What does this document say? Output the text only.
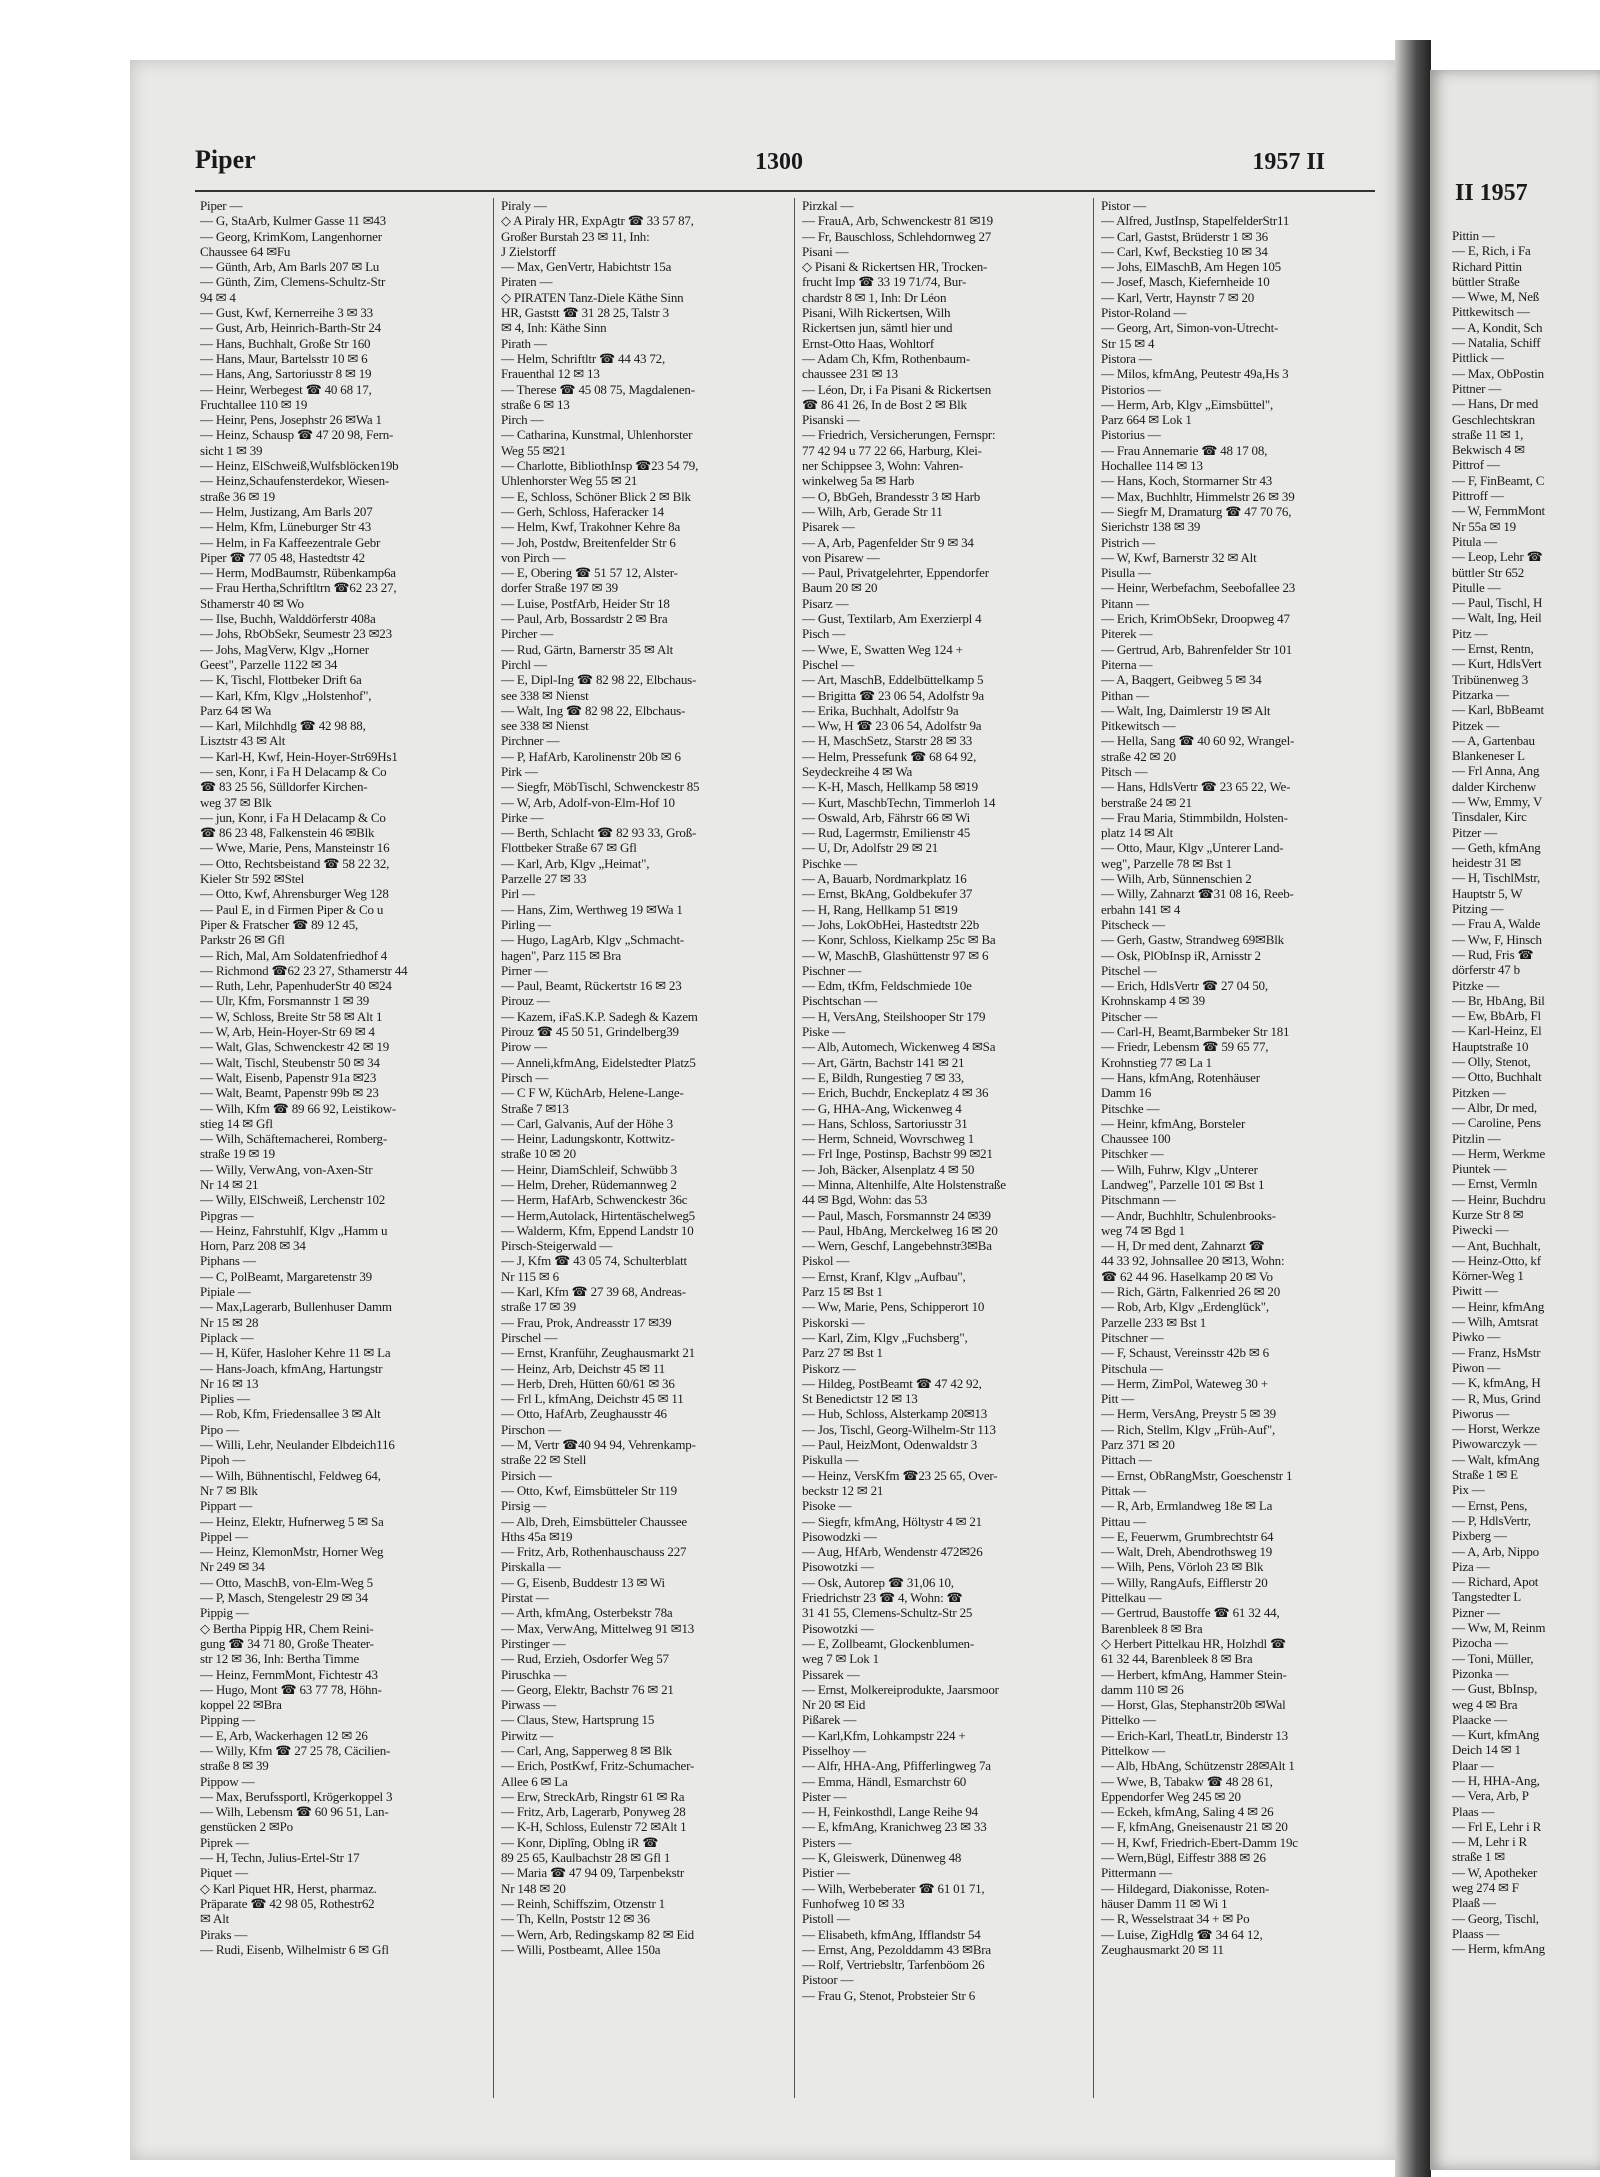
Piper	1300	1957 II
Piper —
— G, StaArb, Kulmer Gasse 11 ✉43
— Georg, KrimKom, Langenhorner
Chaussee 64 ✉Fu
— Günth, Arb, Am Barls 207 ✉ Lu
— Günth, Zim, Clemens-Schultz-Str
94 ✉ 4
— Gust, Kwf, Kernerreihe 3 ✉ 33
— Gust, Arb, Heinrich-Barth-Str 24
— Hans, Buchhalt, Große Str 160
— Hans, Maur, Bartelsstr 10 ✉ 6
— Hans, Ang, Sartoriusstr 8 ✉ 19
— Heinr, Werbegest ☎ 40 68 17,
Fruchtallee 110 ✉ 19
— Heinr, Pens, Josephstr 26 ✉Wa 1
— Heinz, Schausp ☎ 47 20 98, Fern-
sicht 1 ✉ 39
— Heinz, ElSchweiß,Wulfsblöcken19b
— Heinz,Schaufensterdekor, Wiesen-
straße 36 ✉ 19
— Helm, Justizang, Am Barls 207
— Helm, Kfm, Lüneburger Str 43
— Helm, in Fa Kaffeezentrale Gebr
Piper ☎ 77 05 48, Hastedtstr 42
— Herm, ModBaumstr, Rübenkamp6a
— Frau Hertha,Schriftltrn ☎62 23 27,
Sthamerstr 40 ✉ Wo
— Ilse, Buchh, Walddörferstr 408a
— Johs, RbObSekr, Seumestr 23 ✉23
— Johs, MagVerw, Klgv „Horner
Geest", Parzelle 1122 ✉ 34
— K, Tischl, Flottbeker Drift 6a
— Karl, Kfm, Klgv „Holstenhof",
Parz 64 ✉ Wa
— Karl, Milchhdlg ☎ 42 98 88,
Lisztstr 43 ✉ Alt
— Karl-H, Kwf, Hein-Hoyer-Str69Hs1
— sen, Konr, i Fa H Delacamp & Co
☎ 83 25 56, Sülldorfer Kirchen-
weg 37 ✉ Blk
— jun, Konr, i Fa H Delacamp & Co
☎ 86 23 48, Falkenstein 46 ✉Blk
— Wwe, Marie, Pens, Mansteinstr 16
— Otto, Rechtsbeistand ☎ 58 22 32,
Kieler Str 592 ✉Stel
— Otto, Kwf, Ahrensburger Weg 128
— Paul E, in d Firmen Piper & Co u
Piper & Fratscher ☎ 89 12 45,
Parkstr 26 ✉ Gfl
— Rich, Mal, Am Soldatenfriedhof 4
— Richmond ☎62 23 27, Sthamerstr 44
— Ruth, Lehr, PapenhuderStr 40 ✉24
— Ulr, Kfm, Forsmannstr 1 ✉ 39
— W, Schloss, Breite Str 58 ✉ Alt 1
— W, Arb, Hein-Hoyer-Str 69 ✉ 4
— Walt, Glas, Schwenckestr 42 ✉ 19
— Walt, Tischl, Steubenstr 50 ✉ 34
— Walt, Eisenb, Papenstr 91a ✉23
— Walt, Beamt, Papenstr 99b ✉ 23
— Wilh, Kfm ☎ 89 66 92, Leistikow-
stieg 14 ✉ Gfl
— Wilh, Schäftemacherei, Romberg-
straße 19 ✉ 19
— Willy, VerwAng, von-Axen-Str
Nr 14 ✉ 21
— Willy, ElSchweiß, Lerchenstr 102
Pipgras —
— Heinz, Fahrstuhlf, Klgv „Hamm u
Horn, Parz 208 ✉ 34
Piphans —
— C, PolBeamt, Margaretenstr 39
Pipiale —
— Max,Lagerarb, Bullenhuser Damm
Nr 15 ✉ 28
Piplack —
— H, Küfer, Hasloher Kehre 11 ✉ La
— Hans-Joach, kfmAng, Hartungstr
Nr 16 ✉ 13
Piplies —
— Rob, Kfm, Friedensallee 3 ✉ Alt
Pipo —
— Willi, Lehr, Neulander Elbdeich116
Pipoh —
— Wilh, Bühnentischl, Feldweg 64,
Nr 7 ✉ Blk
Pippart —
— Heinz, Elektr, Hufnerweg 5 ✉ Sa
Pippel —
— Heinz, KlemonMstr, Horner Weg
Nr 249 ✉ 34
— Otto, MaschB, von-Elm-Weg 5
— P, Masch, Stengelestr 29 ✉ 34
Pippig —
◇ Bertha Pippig HR, Chem Reini-
gung ☎ 34 71 80, Große Theater-
str 12 ✉ 36, Inh: Bertha Timme
— Heinz, FernmMont, Fichtestr 43
— Hugo, Mont ☎ 63 77 78, Höhn-
koppel 22 ✉Bra
Pipping —
— E, Arb, Wackerhagen 12 ✉ 26
— Willy, Kfm ☎ 27 25 78, Cäcilien-
straße 8 ✉ 39
Pippow —
— Max, Berufssportl, Krögerkoppel 3
— Wilh, Lebensm ☎ 60 96 51, Lan-
genstücken 2 ✉Po
Piprek —
— H, Techn, Julius-Ertel-Str 17
Piquet —
◇ Karl Piquet HR, Herst, pharmaz.
Präparate ☎ 42 98 05, Rothestr62
✉ Alt
Piraks —
— Rudi, Eisenb, Wilhelmistr 6 ✉ Gfl
Piraly —
◇ A Piraly HR, ExpAgtr ☎ 33 57 87,
Großer Burstah 23 ✉ 11, Inh:
J Zielstorff
— Max, GenVertr, Habichtstr 15a
Piraten —
◇ PIRATEN Tanz-Diele Käthe Sinn
HR, Gaststt ☎ 31 28 25, Talstr 3
✉ 4, Inh: Käthe Sinn
Pirath —
— Helm, Schriftltr ☎ 44 43 72,
Frauenthal 12 ✉ 13
— Therese ☎ 45 08 75, Magdalenen-
straße 6 ✉ 13
Pirch —
— Catharina, Kunstmal, Uhlenhorster
Weg 55 ✉21
— Charlotte, BibliothInsp ☎23 54 79,
Uhlenhorster Weg 55 ✉ 21
— E, Schloss, Schöner Blick 2 ✉ Blk
— Gerh, Schloss, Haferacker 14
— Helm, Kwf, Trakohner Kehre 8a
— Joh, Postdw, Breitenfelder Str 6
von Pirch —
— E, Obering ☎ 51 57 12, Alster-
dorfer Straße 197 ✉ 39
— Luise, PostfArb, Heider Str 18
— Paul, Arb, Bossardstr 2 ✉ Bra
Pircher —
— Rud, Gärtn, Barnerstr 35 ✉ Alt
Pirchl —
— E, Dipl-Ing ☎ 82 98 22, Elbchaus-
see 338 ✉ Nienst
— Walt, Ing ☎ 82 98 22, Elbchaus-
see 338 ✉ Nienst
Pirchner —
— P, HafArb, Karolinenstr 20b ✉ 6
Pirk —
— Siegfr, MöbTischl, Schwenckestr 85
— W, Arb, Adolf-von-Elm-Hof 10
Pirke —
— Berth, Schlacht ☎ 82 93 33, Groß-
Flottbeker Straße 67 ✉ Gfl
— Karl, Arb, Klgv „Heimat",
Parzelle 27 ✉ 33
Pirl —
— Hans, Zim, Werthweg 19 ✉Wa 1
Pirling —
— Hugo, LagArb, Klgv „Schmacht-
hagen", Parz 115 ✉ Bra
Pirner —
— Paul, Beamt, Rückertstr 16 ✉ 23
Pirouz —
— Kazem, iFaS.K.P. Sadegh & Kazem
Pirouz ☎ 45 50 51, Grindelberg39
Pirow —
— Anneli,kfmAng, Eidelstedter Platz5
Pirsch —
— C F W, KüchArb, Helene-Lange-
Straße 7 ✉13
— Carl, Galvanis, Auf der Höhe 3
— Heinr, Ladungskontr, Kottwitz-
straße 10 ✉ 20
— Heinr, DiamSchleif, Schwübb 3
— Helm, Dreher, Rüdemannweg 2
— Herm, HafArb, Schwenckestr 36c
— Herm,Autolack, Hirtentäschelweg5
— Walderm, Kfm, Eppend Landstr 10
Pirsch-Steigerwald —
— J, Kfm ☎ 43 05 74, Schulterblatt
Nr 115 ✉ 6
— Karl, Kfm ☎ 27 39 68, Andreas-
straße 17 ✉ 39
— Frau, Prok, Andreasstr 17 ✉39
Pirschel —
— Ernst, Kranführ, Zeughausmarkt 21
— Heinz, Arb, Deichstr 45 ✉ 11
— Herb, Dreh, Hütten 60/61 ✉ 36
— Frl L, kfmAng, Deichstr 45 ✉ 11
— Otto, HafArb, Zeughausstr 46
Pirschon —
— M, Vertr ☎40 94 94, Vehrenkamp-
straße 22 ✉ Stell
Pirsich —
— Otto, Kwf, Eimsbütteler Str 119
Pirsig —
— Alb, Dreh, Eimsbütteler Chaussee
Hths 45a ✉19
— Fritz, Arb, Rothenhauschauss 227
Pirskalla —
— G, Eisenb, Buddestr 13 ✉ Wi
Pirstat —
— Arth, kfmAng, Osterbekstr 78a
— Max, VerwAng, Mittelweg 91 ✉13
Pirstinger —
— Rud, Erzieh, Osdorfer Weg 57
Piruschka —
— Georg, Elektr, Bachstr 76 ✉ 21
Pirwass —
— Claus, Stew, Hartsprung 15
Pirwitz —
— Carl, Ang, Sapperweg 8 ✉ Blk
— Erich, PostKwf, Fritz-Schumacher-
Allee 6 ✉ La
— Erw, StreckArb, Ringstr 61 ✉ Ra
— Fritz, Arb, Lagerarb, Ponyweg 28
— K-H, Schloss, Eulenstr 72 ✉Alt 1
— Konr, Diplîng, Oblng iR ☎
89 25 65, Kaulbachstr 28 ✉ Gfl 1
— Maria ☎ 47 94 09, Tarpenbekstr
Nr 148 ✉ 20
— Reinh, Schiffszim, Otzenstr 1
— Th, Kelln, Poststr 12 ✉ 36
— Wern, Arb, Redingskamp 82 ✉ Eid
— Willi, Postbeamt, Allee 150a
Pirzkal —
— FrauA, Arb, Schwenckestr 81 ✉19
— Fr, Bauschloss, Schlehdornweg 27
Pisani —
◇ Pisani & Rickertsen HR, Trocken-
frucht Imp ☎ 33 19 71/74, Bur-
chardstr 8 ✉ 1, Inh: Dr Léon
Pisani, Wilh Rickertsen, Wilh
Rickertsen jun, sämtl hier und
Ernst-Otto Haas, Wohltorf
— Adam Ch, Kfm, Rothenbaum-
chaussee 231 ✉ 13
— Léon, Dr, i Fa Pisani & Rickertsen
☎ 86 41 26, In de Bost 2 ✉ Blk
Pisanski —
— Friedrich, Versicherungen, Fernspr:
77 42 94 u 77 22 66, Harburg, Klei-
ner Schippsee 3, Wohn: Vahren-
winkelweg 5a ✉ Harb
— O, BbGeh, Brandesstr 3 ✉ Harb
— Wilh, Arb, Gerade Str 11
Pisarek —
— A, Arb, Pagenfelder Str 9 ✉ 34
von Pisarew —
— Paul, Privatgelehrter, Eppendorfer
Baum 20 ✉ 20
Pisarz —
— Gust, Textilarb, Am Exerzierpl 4
Pisch —
— Wwe, E, Swatten Weg 124 +
Pischel —
— Art, MaschB, Eddelbüttelkamp 5
— Brigitta ☎ 23 06 54, Adolfstr 9a
— Erika, Buchhalt, Adolfstr 9a
— Ww, H ☎ 23 06 54, Adolfstr 9a
— H, MaschSetz, Starstr 28 ✉ 33
— Helm, Pressefunk ☎ 68 64 92,
Seydeckreihe 4 ✉ Wa
— K-H, Masch, Hellkamp 58 ✉19
— Kurt, MaschbTechn, Timmerloh 14
— Oswald, Arb, Fährstr 66 ✉ Wi
— Rud, Lagermstr, Emilienstr 45
— U, Dr, Adolfstr 29 ✉ 21
Pischke —
— A, Bauarb, Nordmarkplatz 16
— Ernst, BkAng, Goldbekufer 37
— H, Rang, Hellkamp 51 ✉19
— Johs, LokObHei, Hastedtstr 22b
— Konr, Schloss, Kielkamp 25c ✉ Ba
— W, MaschB, Glashüttenstr 97 ✉ 6
Pischner —
— Edm, tKfm, Feldschmiede 10e
Pischtschan —
— H, VersAng, Steilshooper Str 179
Piske —
— Alb, Automech, Wickenweg 4 ✉Sa
— Art, Gärtn, Bachstr 141 ✉ 21
— E, Bildh, Rungestieg 7 ✉ 33,
— Erich, Buchdr, Enckeplatz 4 ✉ 36
— G, HHA-Ang, Wickenweg 4
— Hans, Schloss, Sartoriusstr 31
— Herm, Schneid, Wovrschweg 1
— Frl Inge, Postinsp, Bachstr 99 ✉21
— Joh, Bäcker, Alsenplatz 4 ✉ 50
— Minna, Altenhilfe, Alte Holstenstraße
44 ✉ Bgd, Wohn: das 53
— Paul, Masch, Forsmannstr 24 ✉39
— Paul, HbAng, Merckelweg 16 ✉ 20
— Wern, Geschf, Langebehnstr3✉Ba
Piskol —
— Ernst, Kranf, Klgv „Aufbau",
Parz 15 ✉ Bst 1
— Ww, Marie, Pens, Schipperort 10
Piskorski —
— Karl, Zim, Klgv „Fuchsberg",
Parz 27 ✉ Bst 1
Piskorz —
— Hildeg, PostBeamt ☎ 47 42 92,
St Benedictstr 12 ✉ 13
— Hub, Schloss, Alsterkamp 20✉13
— Jos, Tischl, Georg-Wilhelm-Str 113
— Paul, HeizMont, Odenwaldstr 3
Piskulla —
— Heinz, VersKfm ☎23 25 65, Over-
beckstr 12 ✉ 21
Pisoke —
— Siegfr, kfmAng, Höltystr 4 ✉ 21
Pisowodzki —
— Aug, HfArb, Wendenstr 472✉26
Pisowotzki —
— Osk, Autorep ☎ 31,06 10,
Friedrichstr 23 ☎ 4, Wohn: ☎
31 41 55, Clemens-Schultz-Str 25
Pisowotzki —
— E, Zollbeamt, Glockenblumen-
weg 7 ✉ Lok 1
Pissarek —
— Ernst, Molkereiprodukte, Jaarsmoor
Nr 20 ✉ Eid
Pißarek —
— Karl,Kfm, Lohkampstr 224 +
Pisselhoy —
— Alfr, HHA-Ang, Pfifferlingweg 7a
— Emma, Händl, Esmarchstr 60
Pister —
— H, Feinkosthdl, Lange Reihe 94
— E, kfmAng, Kranichweg 23 ✉ 33
Pisters —
— K, Gleiswerk, Dünenweg 48
Pistier —
— Wilh, Werbeberater ☎ 61 01 71,
Funhofweg 10 ✉ 33
Pistoll —
— Elisabeth, kfmAng, Ifflandstr 54
— Ernst, Ang, Pezolddamm 43 ✉Bra
— Rolf, Vertriebsltr, Tarfenböom 26
Pistoor —
— Frau G, Stenot, Probsteier Str 6
Pistor —
— Alfred, JustInsp, StapelfelderStr11
— Carl, Gastst, Brüderstr 1 ✉ 36
— Carl, Kwf, Beckstieg 10 ✉ 34
— Johs, ElMaschB, Am Hegen 105
— Josef, Masch, Kiefernheide 10
— Karl, Vertr, Haynstr 7 ✉ 20
Pistor-Roland —
— Georg, Art, Simon-von-Utrecht-
Str 15 ✉ 4
Pistora —
— Milos, kfmAng, Peutestr 49a,Hs 3
Pistorios —
— Herm, Arb, Klgv „Eimsbüttel",
Parz 664 ✉ Lok 1
Pistorius —
— Frau Annemarie ☎ 48 17 08,
Hochallee 114 ✉ 13
— Hans, Koch, Stormarner Str 43
— Max, Buchhltr, Himmelstr 26 ✉ 39
— Siegfr M, Dramaturg ☎ 47 70 76,
Sierichstr 138 ✉ 39
Pistrich —
— W, Kwf, Barnerstr 32 ✉ Alt
Pisulla —
— Heinr, Werbefachm, Seebofallee 23
Pitann —
— Erich, KrimObSekr, Droopweg 47
Piterek —
— Gertrud, Arb, Bahrenfelder Str 101
Piterna —
— A, Baqgert, Geibweg 5 ✉ 34
Pithan —
— Walt, Ing, Daimlerstr 19 ✉ Alt
Pitkewitsch —
— Hella, Sang ☎ 40 60 92, Wrangel-
straße 42 ✉ 20
Pitsch —
— Hans, HdlsVertr ☎ 23 65 22, We-
berstraße 24 ✉ 21
— Frau Maria, Stimmbildn, Holsten-
platz 14 ✉ Alt
— Otto, Maur, Klgv „Unterer Land-
weg", Parzelle 78 ✉ Bst 1
— Wilh, Arb, Sünnenschien 2
— Willy, Zahnarzt ☎31 08 16, Reeb-
erbahn 141 ✉ 4
Pitscheck —
— Gerh, Gastw, Strandweg 69✉Blk
— Osk, PlObInsp iR, Arnisstr 2
Pitschel —
— Erich, HdlsVertr ☎ 27 04 50,
Krohnskamp 4 ✉ 39
Pitscher —
— Carl-H, Beamt,Barmbeker Str 181
— Friedr, Lebensm ☎ 59 65 77,
Krohnstieg 77 ✉ La 1
— Hans, kfmAng, Rotenhäuser
Damm 16
Pitschke —
— Heinr, kfmAng, Borsteler
Chaussee 100
Pitschker —
— Wilh, Fuhrw, Klgv „Unterer
Landweg", Parzelle 101 ✉ Bst 1
Pitschmann —
— Andr, Buchhltr, Schulenbrooks-
weg 74 ✉ Bgd 1
— H, Dr med dent, Zahnarzt ☎
44 33 92, Johnsallee 20 ✉13, Wohn:
☎ 62 44 96. Haselkamp 20 ✉ Vo
— Rich, Gärtn, Falkenried 26 ✉ 20
— Rob, Arb, Klgv „Erdenglück",
Parzelle 233 ✉ Bst 1
Pitschner —
— F, Schaust, Vereinsstr 42b ✉ 6
Pitschula —
— Herm, ZimPol, Wateweg 30 +
Pitt —
— Herm, VersAng, Preystr 5 ✉ 39
— Rich, Stellm, Klgv „Früh-Auf",
Parz 371 ✉ 20
Pittach —
— Ernst, ObRangMstr, Goeschenstr 1
Pittak —
— R, Arb, Ermlandweg 18e ✉ La
Pittau —
— E, Feuerwm, Grumbrechtstr 64
— Walt, Dreh, Abendrothsweg 19
— Wilh, Pens, Vörloh 23 ✉ Blk
— Willy, RangAufs, Eifflerstr 20
Pittelkau —
— Gertrud, Baustoffe ☎ 61 32 44,
Barenbleek 8 ✉ Bra
◇ Herbert Pittelkau HR, Holzhdl ☎
61 32 44, Barenbleek 8 ✉ Bra
— Herbert, kfmAng, Hammer Stein-
damm 110 ✉ 26
— Horst, Glas, Stephanstr20b ✉Wal
Pittelko —
— Erich-Karl, TheatLtr, Binderstr 13
Pittelkow —
— Alb, HbAng, Schützenstr 28✉Alt 1
— Wwe, B, Tabakw ☎ 48 28 61,
Eppendorfer Weg 245 ✉ 20
— Eckeh, kfmAng, Saling 4 ✉ 26
— F, kfmAng, Gneisenaustr 21 ✉ 20
— H, Kwf, Friedrich-Ebert-Damm 19c
— Wern,Bügl, Eiffestr 388 ✉ 26
Pittermann —
— Hildegard, Diakonisse, Roten-
häuser Damm 11 ✉ Wi 1
— R, Wesselstraat 34 + ✉ Po
— Luise, ZigHdlg ☎ 34 64 12,
Zeughausmarkt 20 ✉ 11
II 1957
Pittin —
— E, Rich, i Fa
Richard Pittin
büttler Straße
— Wwe, M, Neß
Pittkewitsch —
— A, Kondit, Sch
— Natalia, Schiff
Pittlick —
— Max, ObPostin
Pittner —
— Hans, Dr med
Geschlechtskran
straße 11 ✉ 1,
Bekwisch 4 ✉
Pittrof —
— F, FinBeamt, C
Pittroff —
— W, FernmMont
Nr 55a ✉ 19
Pitula —
— Leop, Lehr ☎
büttler Str 652
Pitulle —
— Paul, Tischl, H
— Walt, Ing, Heil
Pitz —
— Ernst, Rentn,
— Kurt, HdlsVert
Tribünenweg 3
Pitzarka —
— Karl, BbBeamt
Pitzek —
— A, Gartenbau
Blankeneser L
— Frl Anna, Ang
dalder Kirchenw
— Ww, Emmy, V
Tinsdaler, Kirc
Pitzer —
— Geth, kfmAng
heidestr 31 ✉
— H, TischlMstr,
Hauptstr 5, W
Pitzing —
— Frau A, Walde
— Ww, F, Hinsch
— Rud, Fris ☎
dörferstr 47 b
Pitzke —
— Br, HbAng, Bil
— Ew, BbArb, Fl
— Karl-Heinz, El
Hauptstraße 10
— Olly, Stenot,
— Otto, Buchhalt
Pitzken —
— Albr, Dr med,
— Caroline, Pens
Pitzlin —
— Herm, Werkme
Piuntek —
— Ernst, Vermln
— Heinr, Buchdru
Kurze Str 8 ✉
Piwecki —
— Ant, Buchhalt,
— Heinz-Otto, kf
Körner-Weg 1
Piwitt —
— Heinr, kfmAng
— Wilh, Amtsrat
Piwko —
— Franz, HsMstr
Piwon —
— K, kfmAng, H
— R, Mus, Grind
Piworus —
— Horst, Werkze
Piwowarczyk —
— Walt, kfmAng
Straße 1 ✉ E
Pix —
— Ernst, Pens,
— P, HdlsVertr,
Pixberg —
— A, Arb, Nippo
Piza —
— Richard, Apot
Tangstedter L
Pizner —
— Ww, M, Reinm
Pizocha —
— Toni, Müller,
Pizonka —
— Gust, BbInsp,
weg 4 ✉ Bra
Plaacke —
— Kurt, kfmAng
Deich 14 ✉ 1
Plaar —
— H, HHA-Ang,
— Vera, Arb, P
Plaas —
— Frl E, Lehr i R
— M, Lehr i R
straße 1 ✉
— W, Apotheker
weg 274 ✉ F
Plaaß —
— Georg, Tischl,
Plaass —
— Herm, kfmAng
